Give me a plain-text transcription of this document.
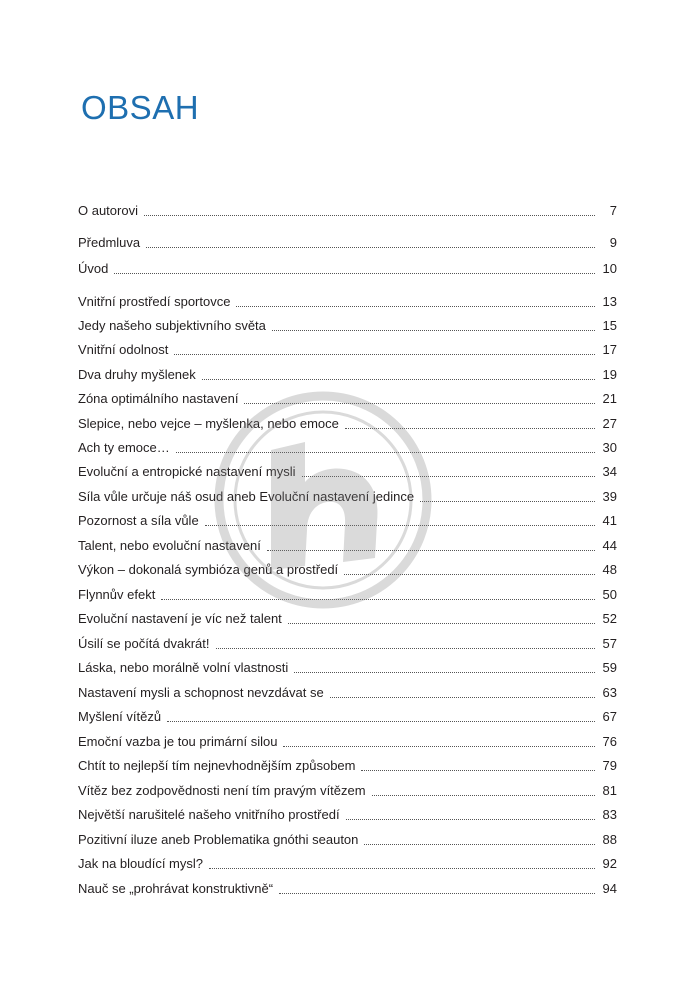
OBSAH
O autorovi	7
Předmluva	9
Úvod	10
Vnitřní prostředí sportovce	13
Jedy našeho subjektivního světa	15
Vnitřní odolnost	17
Dva druhy myšlenek	19
Zóna optimálního nastavení	21
Slepice, nebo vejce – myšlenka, nebo emoce	27
Ach ty emoce…	30
Evoluční a entropické nastavení mysli	34
Síla vůle určuje náš osud aneb Evoluční nastavení jedince	39
Pozornost a síla vůle	41
Talent, nebo evoluční nastavení	44
Výkon – dokonalá symbióza genů a prostředí	48
Flynnův efekt	50
Evoluční nastavení je víc než talent	52
Úsilí se počítá dvakrát!	57
Láska, nebo morálně volní vlastnosti	59
Nastavení mysli a schopnost nevzdávat se	63
Myšlení vítězů	67
Emoční vazba je tou primární silou	76
Chtít to nejlepší tím nejnevhodnějším způsobem	79
Vítěz bez zodpovědnosti není tím pravým vítězem	81
Největší narušitelé našeho vnitřního prostředí	83
Pozitivní iluze aneb Problematika gnóthi seauton	88
Jak na bloudící mysl?	92
Nauč se „prohrávat konstruktivně“	94
